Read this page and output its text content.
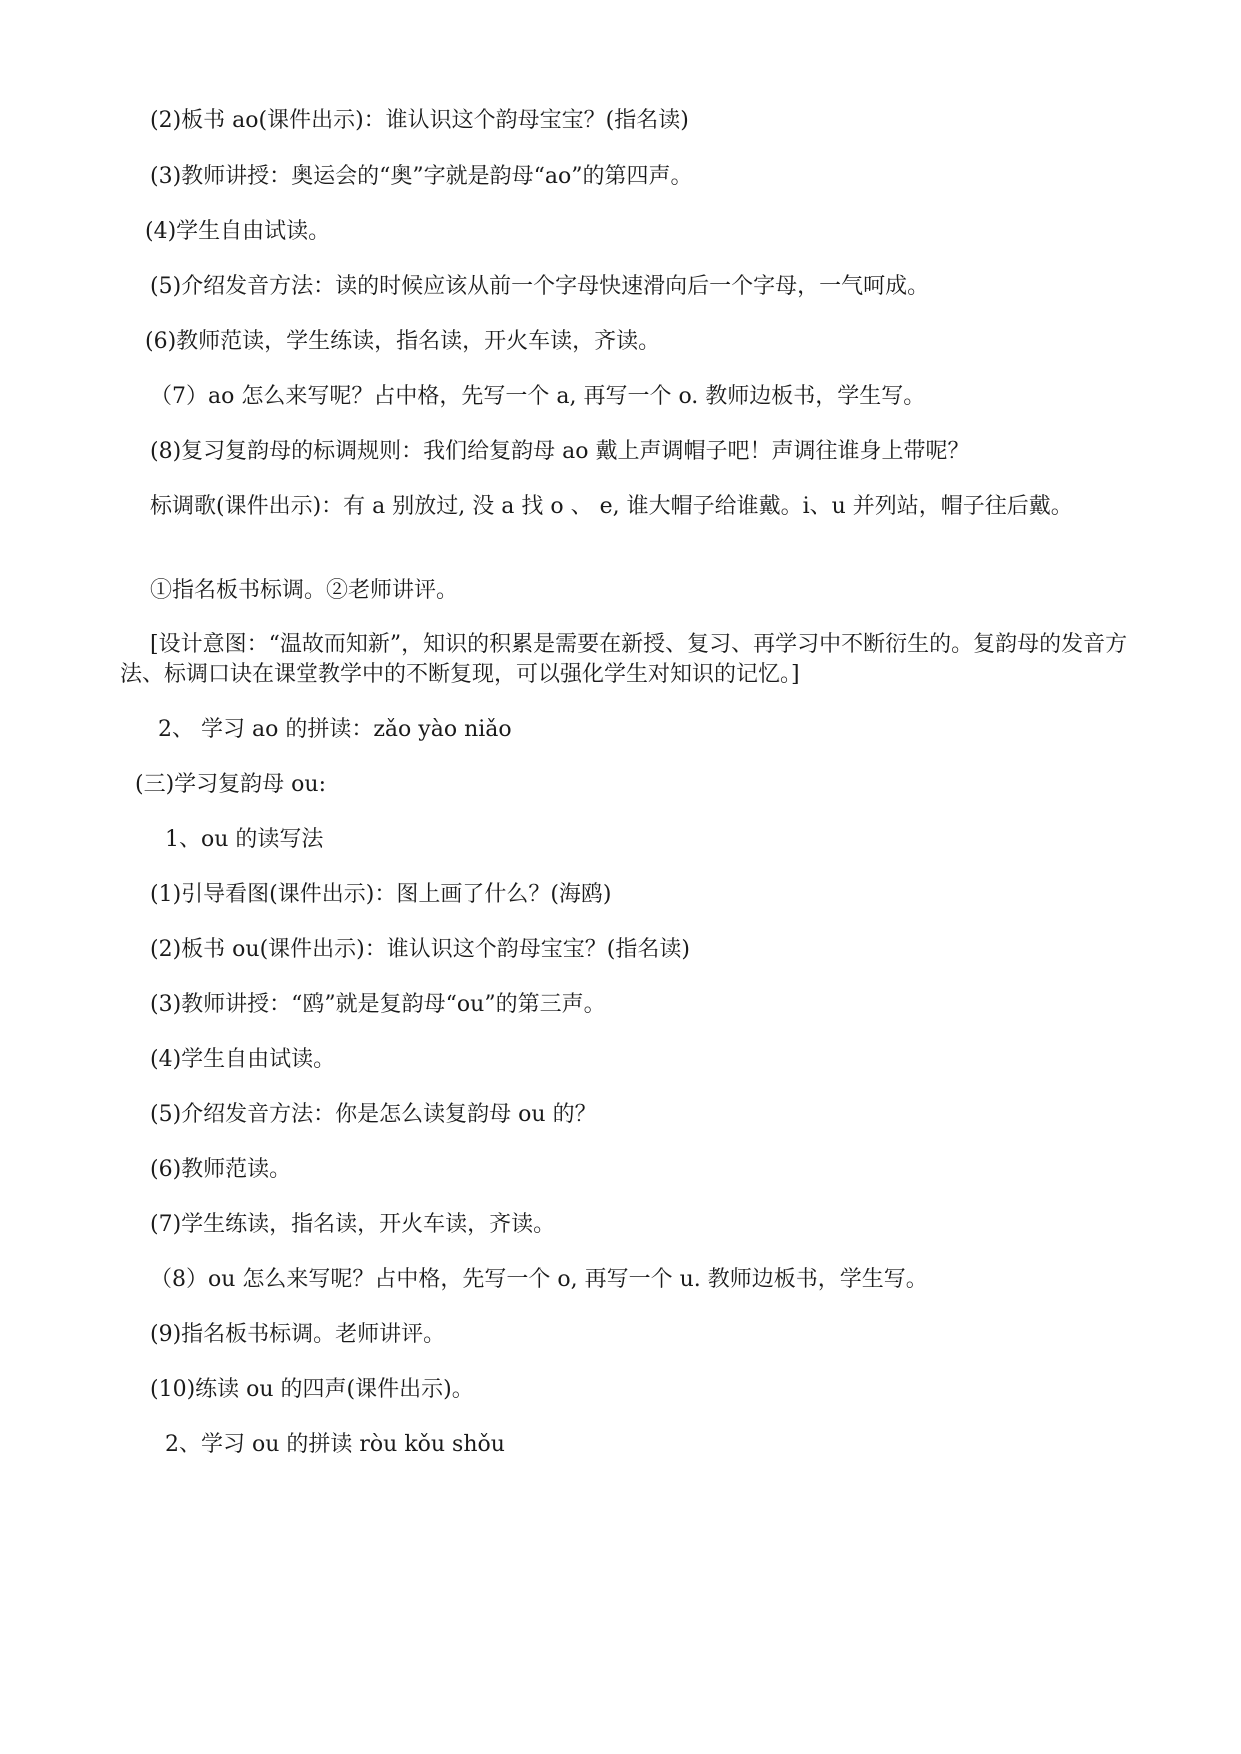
(2)板书 ao(课件出示)：谁认识这个韵母宝宝？(指名读)
(3)教师讲授：奥运会的“奥”字就是韵母“ao”的第四声。
(4)学生自由试读。
(5)介绍发音方法：读的时候应该从前一个字母快速滑向后一个字母，一气呵成。
(6)教师范读，学生练读，指名读，开火车读，齐读。
（7）ao 怎么来写呢？占中格，先写一个 a, 再写一个 o. 教师边板书，学生写。
(8)复习复韵母的标调规则：我们给复韵母 ao 戴上声调帽子吧！声调往谁身上带呢？
标调歌(课件出示)：有 a 别放过, 没 a 找 o 、 e, 谁大帽子给谁戴。i、u 并列站，帽子往后戴。
①指名板书标调。②老师讲评。
[设计意图：“温故而知新”，知识的积累是需要在新授、复习、再学习中不断衍生的。复韵母的发音方法、标调口诀在课堂教学中的不断复现，可以强化学生对知识的记忆。]
2、 学习 ao 的拼读：zǎo yào niǎo
(三)学习复韵母 ou:
1、ou 的读写法
(1)引导看图(课件出示)：图上画了什么？(海鸥)
(2)板书 ou(课件出示)：谁认识这个韵母宝宝？(指名读)
(3)教师讲授：“鸥”就是复韵母“ou”的第三声。
(4)学生自由试读。
(5)介绍发音方法：你是怎么读复韵母 ou 的？
(6)教师范读。
(7)学生练读，指名读，开火车读，齐读。
（8）ou 怎么来写呢？占中格，先写一个 o, 再写一个 u. 教师边板书，学生写。
(9)指名板书标调。老师讲评。
(10)练读 ou 的四声(课件出示)。
2、学习 ou 的拼读 ròu kǒu shǒu
